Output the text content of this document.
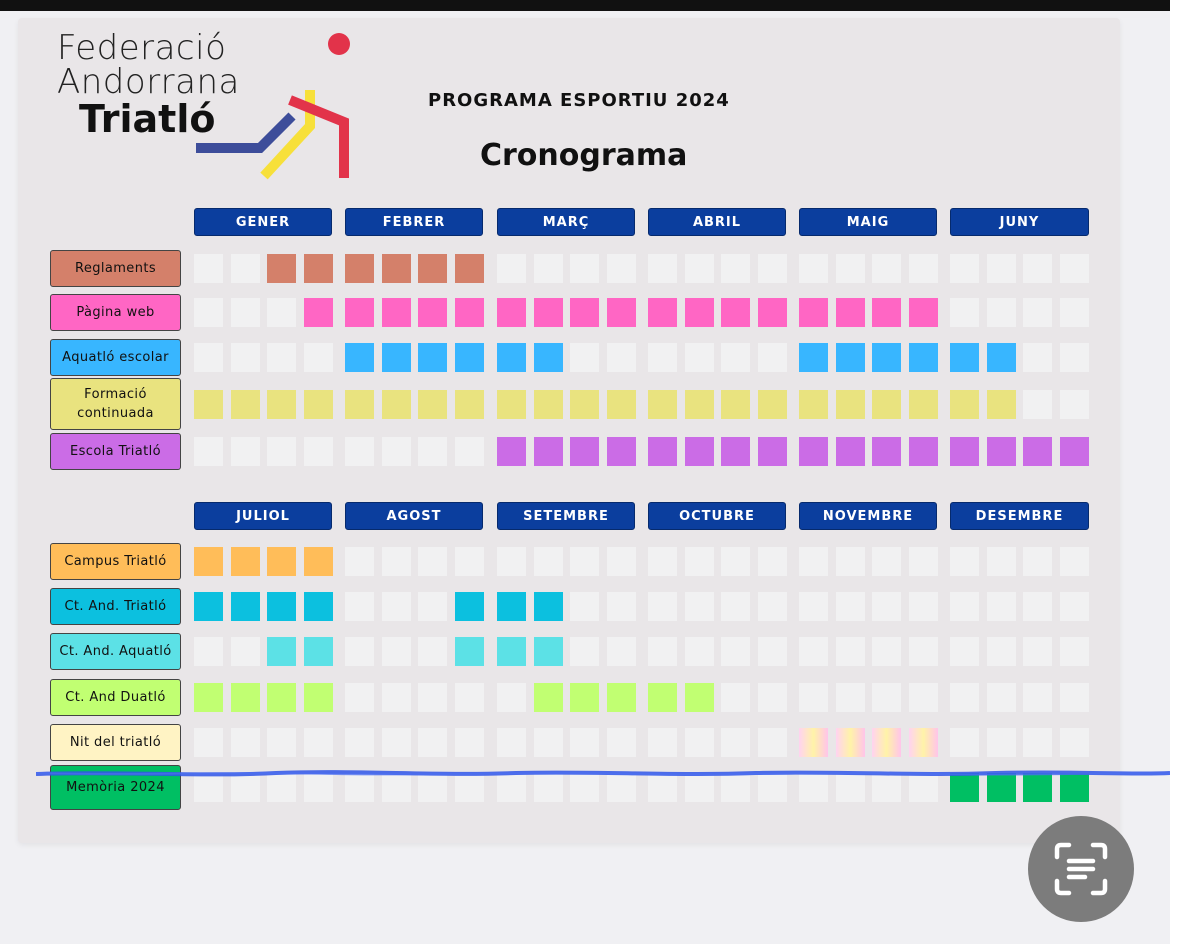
Federació
Andorrana
Triatló	PROGRAMA ESPORTIU 2024
Cronograma
GENER	FEBRER	MARÇ	ABRIL	MAIG	JUNY
Reglaments
Pàgina web
Aquatló escolar
Formació
continuada
Escola Triatló
JULIOL	AGOST	SETEMBRE	OCTUBRE	NOVEMBRE	DESEMBRE
Campus Triatló
Ct. And. Triatló
Ct. And. Aquatló
Ct. And Duatló
Nit del triatló
Memòria 2024
